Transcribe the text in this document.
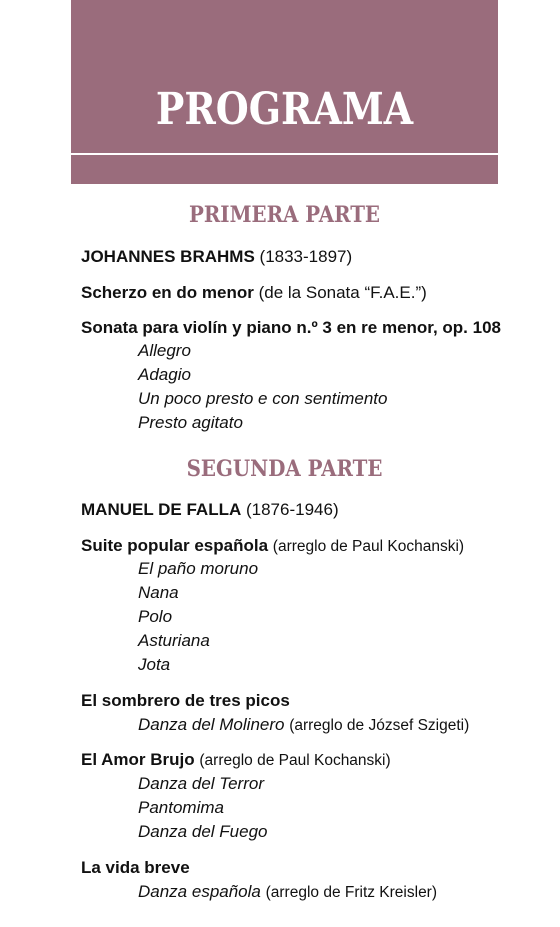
PROGRAMA
PRIMERA PARTE
JOHANNES BRAHMS (1833-1897)
Scherzo en do menor (de la Sonata “F.A.E.”)
Sonata para violín y piano n.º 3 en re menor, op. 108
Allegro
Adagio
Un poco presto e con sentimento
Presto agitato
SEGUNDA PARTE
MANUEL DE FALLA (1876-1946)
Suite popular española (arreglo de Paul Kochanski)
El paño moruno
Nana
Polo
Asturiana
Jota
El sombrero de tres picos
Danza del Molinero (arreglo de József Szigeti)
El Amor Brujo (arreglo de Paul Kochanski)
Danza del Terror
Pantomima
Danza del Fuego
La vida breve
Danza española (arreglo de Fritz Kreisler)
